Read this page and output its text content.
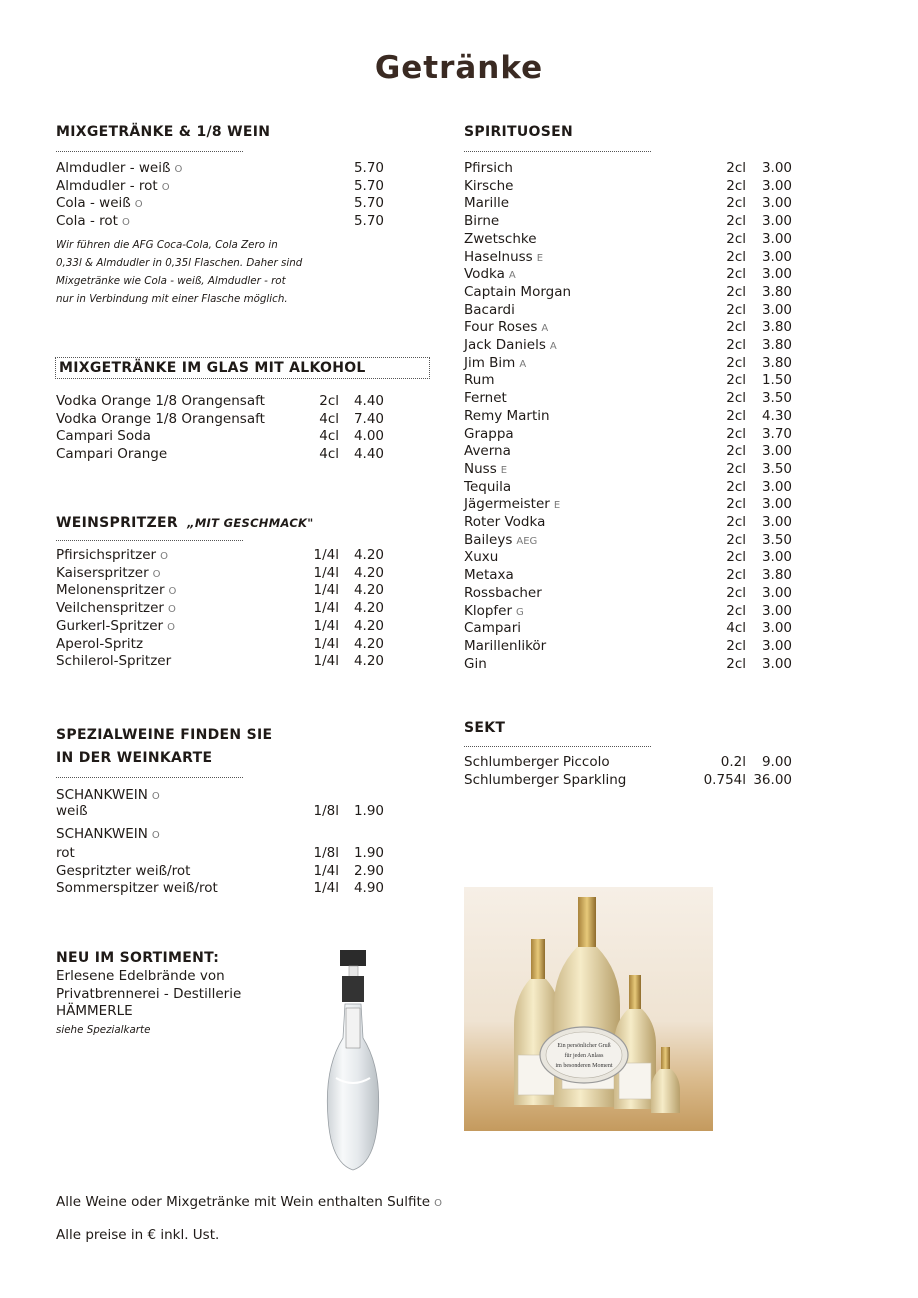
Getränke
MIXGETRÄNKE & 1/8 WEIN
Almdudler - weiß O	5.70
Almdudler - rot O	5.70
Cola - weiß O	5.70
Cola - rot O	5.70
Wir führen die AFG Coca-Cola, Cola Zero in
0,33l & Almdudler in 0,35l Flaschen. Daher sind
Mixgetränke wie Cola - weiß, Almdudler - rot
nur in Verbindung mit einer Flasche möglich.
MIXGETRÄNKE IM GLAS MIT ALKOHOL
Vodka Orange 1/8 Orangensaft	2cl 4.40
Vodka Orange 1/8 Orangensaft	4cl 7.40
Campari Soda	4cl 4.00
Campari Orange	4cl 4.40
WEINSPRITZER „MIT GESCHMACK"
Pfirsichspritzer O	1/4l 4.20
Kaiserspritzer O	1/4l 4.20
Melonenspritzer O	1/4l 4.20
Veilchenspritzer O	1/4l 4.20
Gurkerl-Spritzer O	1/4l 4.20
Aperol-Spritz	1/4l 4.20
Schilerol-Spritzer	1/4l 4.20
SPEZIALWEINE FINDEN SIE
IN DER WEINKARTE
SCHANKWEIN O
weiß	1/8l 1.90
SCHANKWEIN O
rot	1/8l 1.90
Gespritzter weiß/rot	1/4l 2.90
Sommerspitzer weiß/rot	1/4l 4.90
NEU IM SORTIMENT:
Erlesene Edelbrände von
Privatbrennerei - Destillerie
HÄMMERLE
siehe Spezialkarte
SPIRITUOSEN
Pfirsich	2cl 3.00
Kirsche	2cl 3.00
Marille	2cl 3.00
Birne	2cl 3.00
Zwetschke	2cl 3.00
Haselnuss E	2cl 3.00
Vodka A	2cl 3.00
Captain Morgan	2cl 3.80
Bacardi	2cl 3.00
Four Roses A	2cl 3.80
Jack Daniels A	2cl 3.80
Jim Bim A	2cl 3.80
Rum	2cl 1.50
Fernet	2cl 3.50
Remy Martin	2cl 4.30
Grappa	2cl 3.70
Averna	2cl 3.00
Nuss E	2cl 3.50
Tequila	2cl 3.00
Jägermeister E	2cl 3.00
Roter Vodka	2cl 3.00
Baileys AEG	2cl 3.50
Xuxu	2cl 3.00
Metaxa	2cl 3.80
Rossbacher	2cl 3.00
Klopfer G	2cl 3.00
Campari	4cl 3.00
Marillenlikör	2cl 3.00
Gin	2cl 3.00
SEKT
Schlumberger Piccolo	0.2l 9.00
Schlumberger Sparkling	0.754l 36.00
Ein persönlicher Gruß
für jeden Anlass
im besonderen Moment
Alle Weine oder Mixgetränke mit Wein enthalten Sulfite O
Alle preise in € inkl. Ust.
